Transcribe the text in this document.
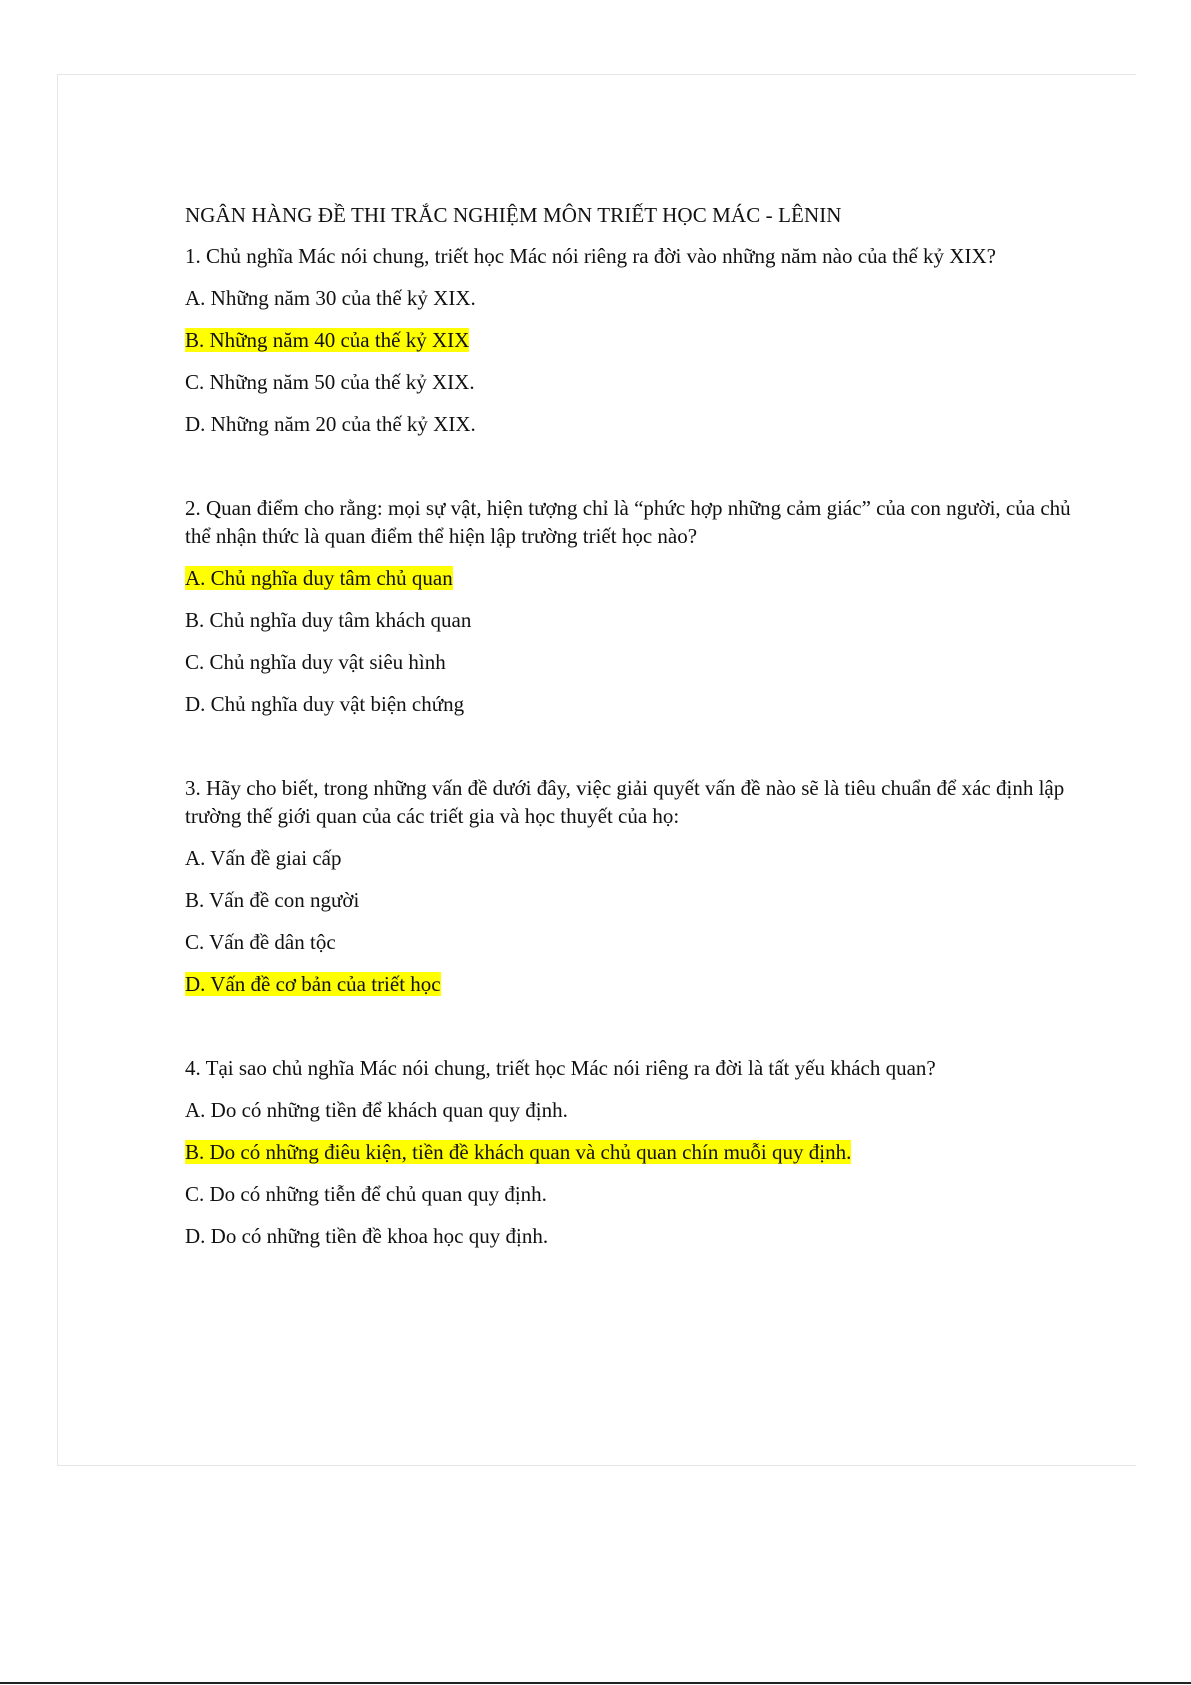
NGÂN HÀNG ĐỀ THI TRẮC NGHIỆM MÔN TRIẾT HỌC MÁC - LÊNIN
1. Chủ nghĩa Mác nói chung, triết học Mác nói riêng ra đời vào những năm nào của thế kỷ XIX?
A. Những năm 30 của thế kỷ XIX.
B. Những năm 40 của thế kỷ XIX
C. Những năm 50 của thế kỷ XIX.
D. Những năm 20 của thế kỷ XIX.
2. Quan điểm cho rằng: mọi sự vật, hiện tượng chỉ là “phức hợp những cảm giác” của con người, của chủ thể nhận thức là quan điểm thể hiện lập trường triết học nào?
A. Chủ nghĩa duy tâm chủ quan
B. Chủ nghĩa duy tâm khách quan
C. Chủ nghĩa duy vật siêu hình
D. Chủ nghĩa duy vật biện chứng
3. Hãy cho biết, trong những vấn đề dưới đây, việc giải quyết vấn đề nào sẽ là tiêu chuẩn để xác định lập trường thế giới quan của các triết gia và học thuyết của họ:
A. Vấn đề giai cấp
B. Vấn đề con người
C. Vấn đề dân tộc
D. Vấn đề cơ bản của triết học
4. Tại sao chủ nghĩa Mác nói chung, triết học Mác nói riêng ra đời là tất yếu khách quan?
A. Do có những tiền để khách quan quy định.
B. Do có những điêu kiện, tiền đề khách quan và chủ quan chín muỗi quy định.
C. Do có những tiễn để chủ quan quy định.
D. Do có những tiền đề khoa học quy định.
